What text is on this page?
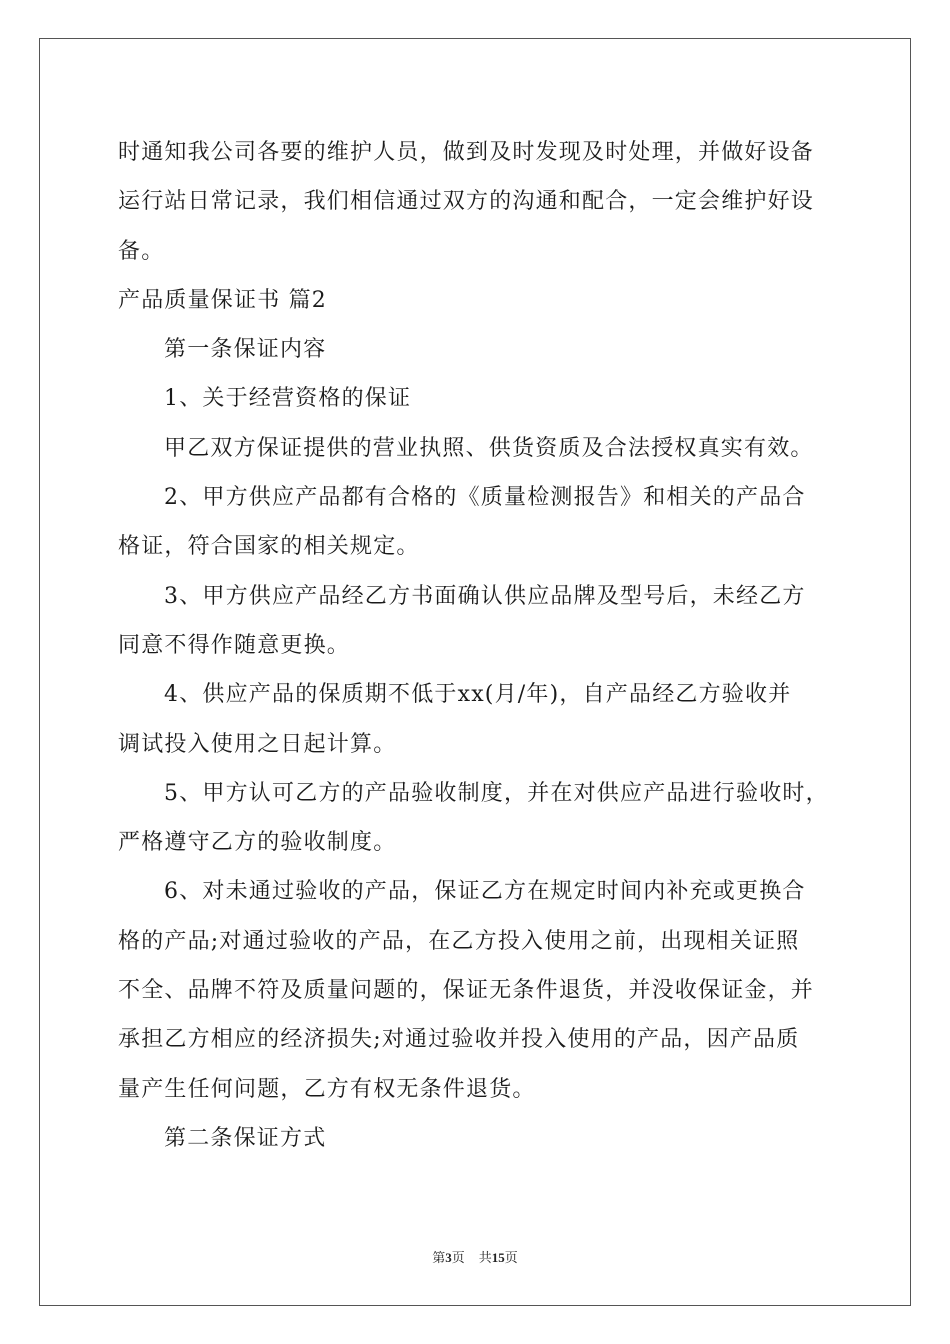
时通知我公司各要的维护人员，做到及时发现及时处理，并做好设备
运行站日常记录，我们相信通过双方的沟通和配合，一定会维护好设
备。
产品质量保证书 篇2
第一条保证内容
1、关于经营资格的保证
甲乙双方保证提供的营业执照、供货资质及合法授权真实有效。
2、甲方供应产品都有合格的《质量检测报告》和相关的产品合
格证，符合国家的相关规定。
3、甲方供应产品经乙方书面确认供应品牌及型号后，未经乙方
同意不得作随意更换。
4、供应产品的保质期不低于xx(月/年)，自产品经乙方验收并
调试投入使用之日起计算。
5、甲方认可乙方的产品验收制度，并在对供应产品进行验收时，
严格遵守乙方的验收制度。
6、对未通过验收的产品，保证乙方在规定时间内补充或更换合
格的产品;对通过验收的产品，在乙方投入使用之前，出现相关证照
不全、品牌不符及质量问题的，保证无条件退货，并没收保证金，并
承担乙方相应的经济损失;对通过验收并投入使用的产品，因产品质
量产生任何问题，乙方有权无条件退货。
第二条保证方式
第3页 共15页
